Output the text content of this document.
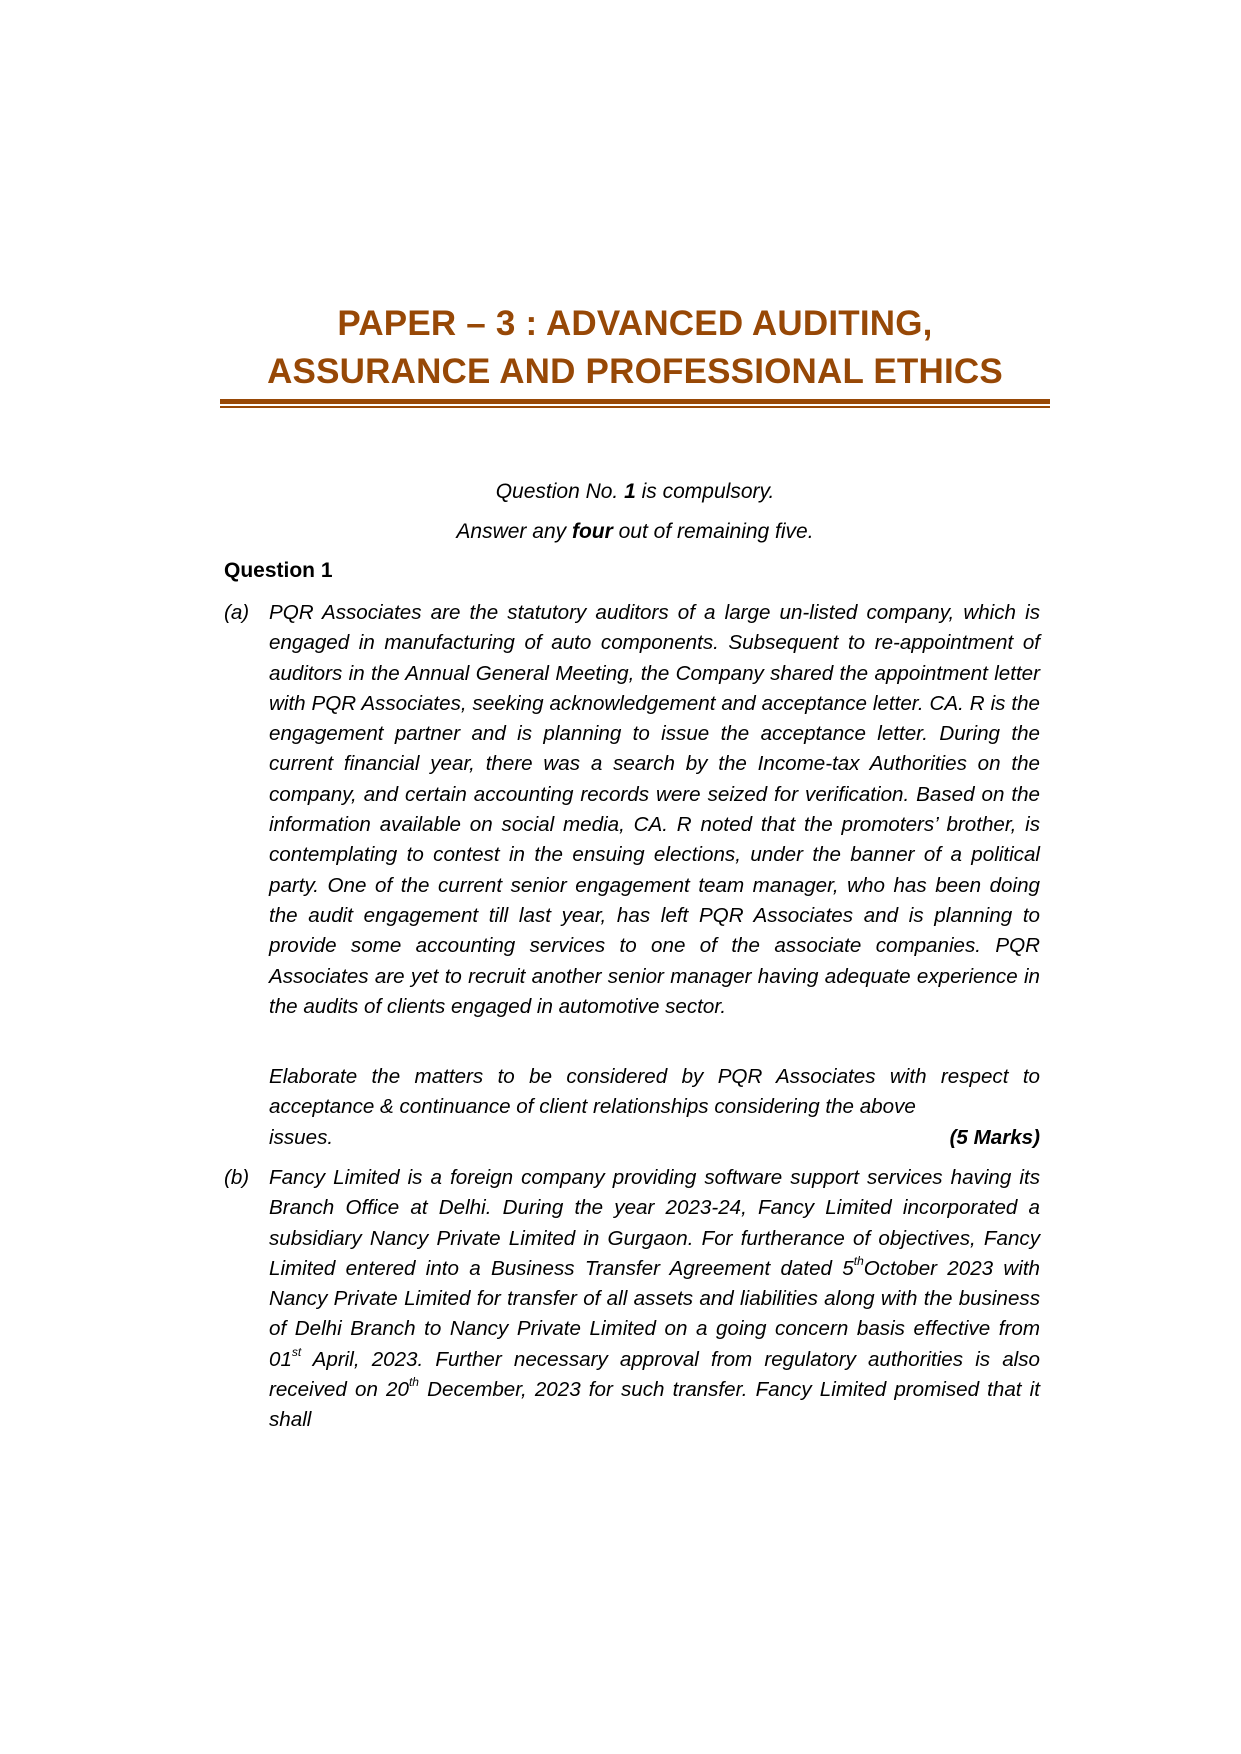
PAPER – 3 : ADVANCED AUDITING,
ASSURANCE AND PROFESSIONAL ETHICS
Question No. 1 is compulsory.
Answer any four out of remaining five.
Question 1
(a) PQR Associates are the statutory auditors of a large un-listed company, which is engaged in manufacturing of auto components. Subsequent to re-appointment of auditors in the Annual General Meeting, the Company shared the appointment letter with PQR Associates, seeking acknowledgement and acceptance letter. CA. R is the engagement partner and is planning to issue the acceptance letter. During the current financial year, there was a search by the Income-tax Authorities on the company, and certain accounting records were seized for verification. Based on the information available on social media, CA. R noted that the promoters’ brother, is contemplating to contest in the ensuing elections, under the banner of a political party. One of the current senior engagement team manager, who has been doing the audit engagement till last year, has left PQR Associates and is planning to provide some accounting services to one of the associate companies. PQR Associates are yet to recruit another senior manager having adequate experience in the audits of clients engaged in automotive sector.

Elaborate the matters to be considered by PQR Associates with respect to acceptance & continuance of client relationships considering the above

issues.	(5 Marks)
(b) Fancy Limited is a foreign company providing software support services having its Branch Office at Delhi. During the year 2023-24, Fancy Limited incorporated a subsidiary Nancy Private Limited in Gurgaon. For furtherance of objectives, Fancy Limited entered into a Business Transfer Agreement dated 5thOctober 2023 with Nancy Private Limited for transfer of all assets and liabilities along with the business of Delhi Branch to Nancy Private Limited on a going concern basis effective from 01st April, 2023. Further necessary approval from regulatory authorities is also received on 20th December, 2023 for such transfer. Fancy Limited promised that it shall
